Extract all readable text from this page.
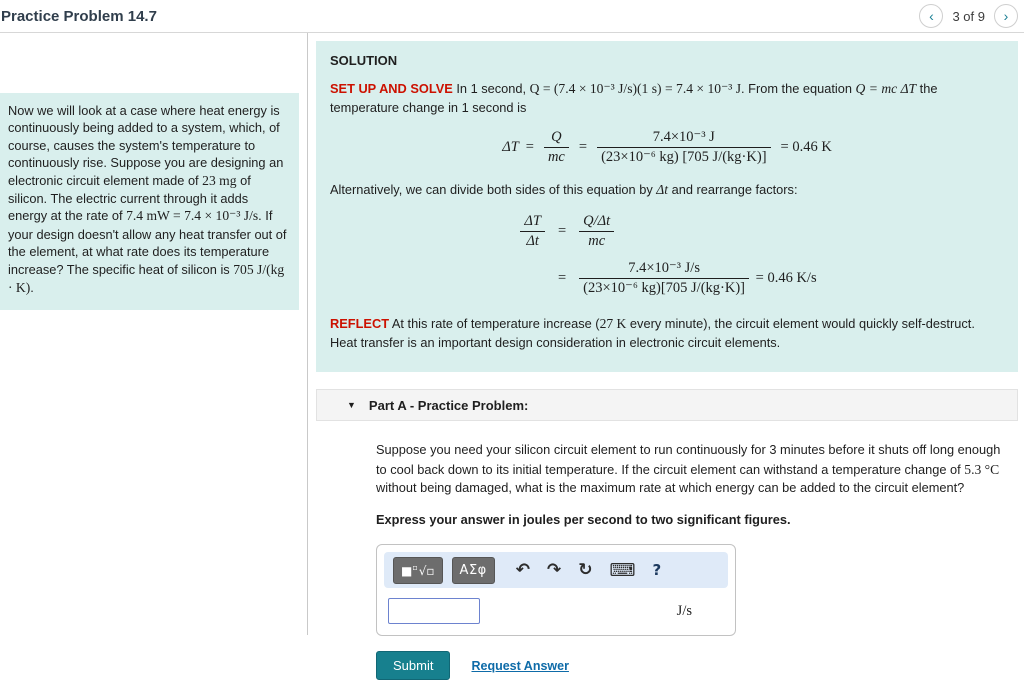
Practice Problem 14.7	‹	3 of 9	›
Now we will look at a case where heat energy is continuously being added to a system, which, of course, causes the system's temperature to continuously rise. Suppose you are designing an electronic circuit element made of 23 mg of silicon. The electric current through it adds energy at the rate of 7.4 mW = 7.4 × 10⁻³ J/s. If your design doesn't allow any heat transfer out of the element, at what rate does its temperature increase? The specific heat of silicon is 705 J/(kg · K).
SOLUTION

SET UP AND SOLVE In 1 second, Q = (7.4 × 10⁻³ J/s)(1 s) = 7.4 × 10⁻³ J. From the equation Q = mc ΔT the temperature change in 1 second is

$\Delta T = \frac{Q}{mc} = \frac{\text{7.4×10⁻³ J}}{\text{(23×10⁻⁶ kg) [705 J/(kg·K)]}} = 0.46$ K

Alternatively, we can divide both sides of this equation by Δt and rearrange factors:

$\frac{\Delta T}{\Delta t}$	=	$\frac{Q/\Delta t}{mc}$

	=	$\frac{\text{7.4×10⁻³ J/s}}{\text{(23×10⁻⁶ kg)[705 J/(kg·K)]}} = 0.46$ K/s

REFLECT At this rate of temperature increase (27 K every minute), the circuit element would quickly self-destruct. Heat transfer is an important design consideration in electronic circuit elements.

▼ Part A - Practice Problem:

Suppose you need your silicon circuit element to run continuously for 3 minutes before it shuts off long enough to cool back down to its initial temperature. If the circuit element can withstand a temperature change of 5.3 °C without being damaged, what is the maximum rate at which energy can be added to the circuit element?

Express your answer in joules per second to two significant figures.

■▫√▫ ΑΣφ ↶ ↷ ↻ ⌨ ?
J/s
Submit	Request Answer
